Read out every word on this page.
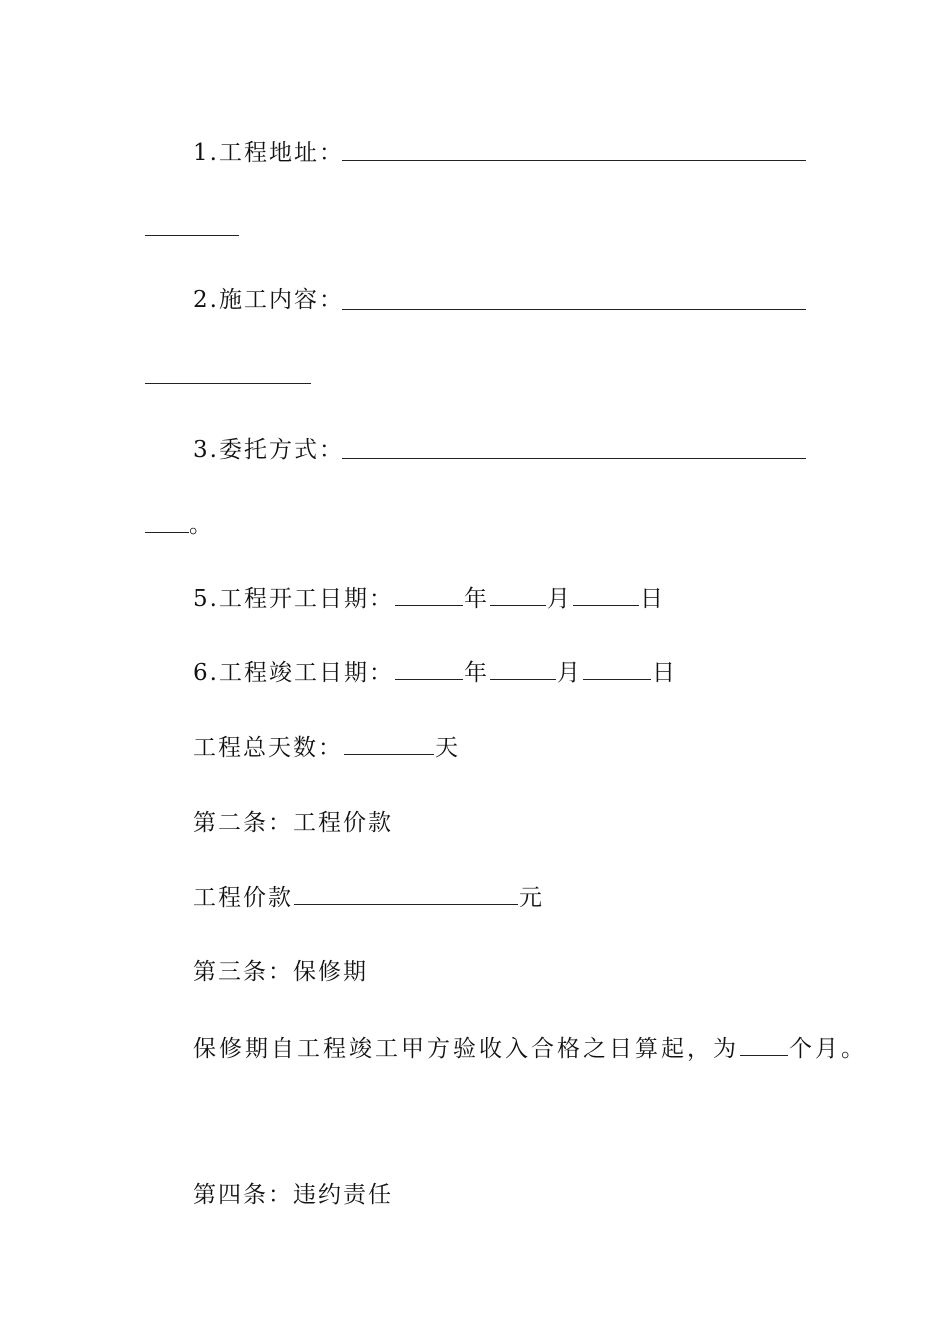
1.工程地址：
2.施工内容：
3.委托方式：
。
5.工程开工日期：	年	月	日
6.工程竣工日期：	年	月	日
工程总天数：	天
第二条：工程价款
工程价款	元
第三条：保修期
保修期自工程竣工甲方验收入合格之日算起，为 个月。
第四条：违约责任
